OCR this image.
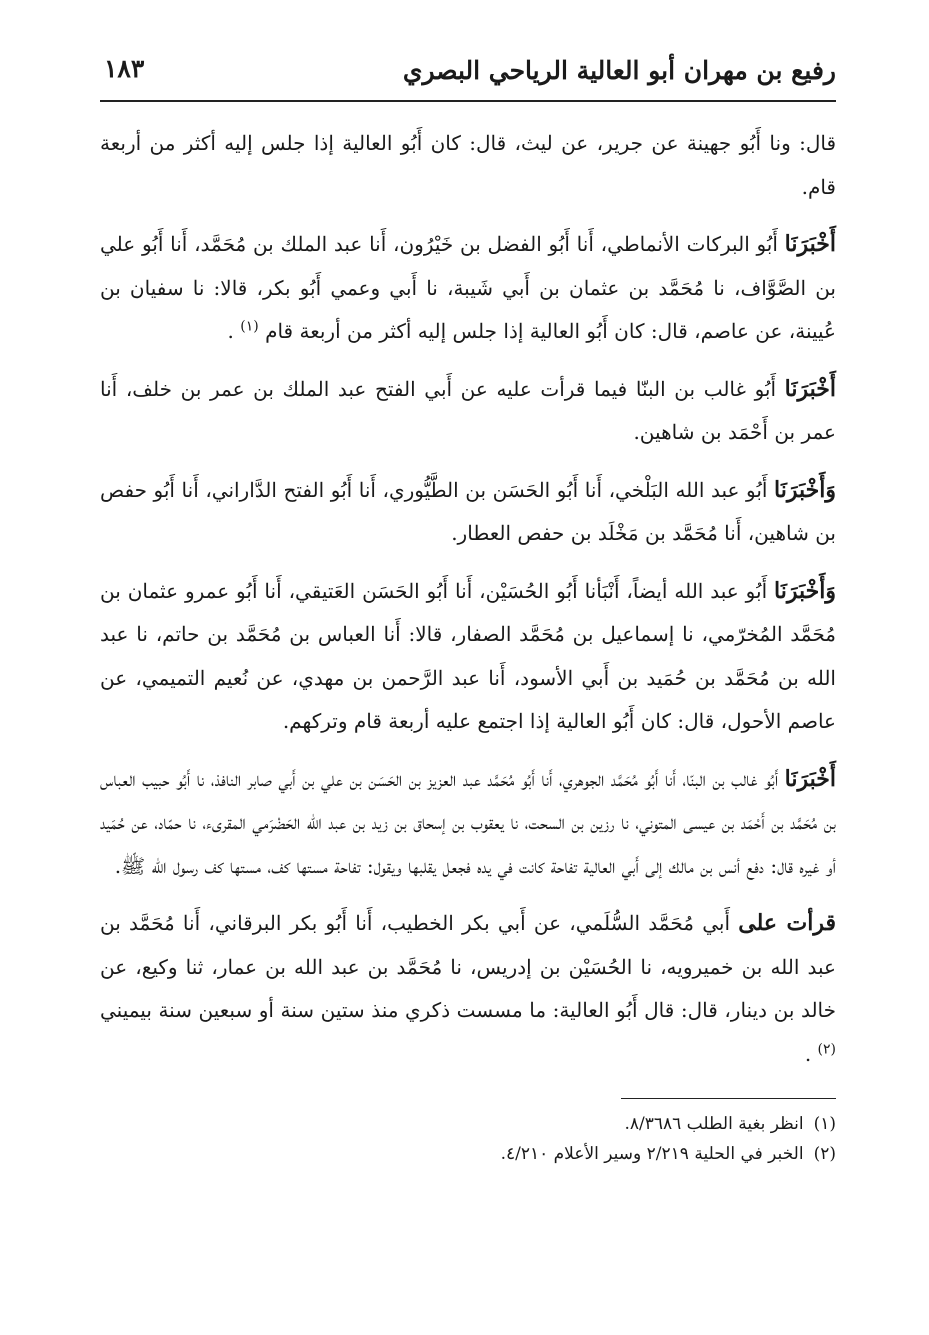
رفيع بن مهران أبو العالية الرياحي البصري
١٨٣

قال: ونا أَبُو جهينة عن جرير، عن ليث، قال: كان أَبُو العالية إذا جلس إليه أكثر من أربعة قام.

أَخْبَرَنَا أَبُو البركات الأنماطي، أَنا أَبُو الفضل بن خَيْرُون، أَنا عبد الملك بن مُحَمَّد، أَنا أَبُو علي بن الصَّوَّاف، نا مُحَمَّد بن عثمان بن أَبي شَيبة، نا أَبي وعمي أَبُو بكر، قالا: نا سفيان بن عُيينة، عن عاصم، قال: كان أَبُو العالية إذا جلس إليه أكثر من أربعة قام $^{(١)}$ .

أَخْبَرَنَا أَبُو غالب بن البنّا فيما قرأت عليه عن أَبي الفتح عبد الملك بن عمر بن خلف، أَنا عمر بن أَحْمَد بن شاهين.

وَأَخْبَرَنَا أَبُو عبد الله البَلْخي، أَنا أَبُو الحَسَن بن الطَّيُّوري، أَنا أَبُو الفتح الدَّاراني، أَنا أَبُو حفص بن شاهين، أَنا مُحَمَّد بن مَخْلَد بن حفص العطار.

وَأَخْبَرَنَا أَبُو عبد الله أيضاً، أَنْبَأنا أَبُو الحُسَيْن، أَنا أَبُو الحَسَن العَتيقي، أَنا أَبُو عمرو عثمان بن مُحَمَّد المُخرّمي، نا إسماعيل بن مُحَمَّد الصفار، قالا: أَنا العباس بن مُحَمَّد بن حاتم، نا عبد الله بن مُحَمَّد بن حُمَيد بن أَبي الأسود، أَنا عبد الرَّحمن بن مهدي، عن نُعيم التميمي، عن عاصم الأحول، قال: كان أَبُو العالية إذا اجتمع عليه أربعة قام وتركهم.

أَخْبَرَنَا أَبُو غالب بن البنّا، أَنا أَبُو مُحَمَّد الجوهري، أَنا أَبُو مُحَمَّد عبد العزيز بن الحَسَن بن علي بن أَبي صابر النافذ، نا أَبُو حبيب العباس بن مُحَمَّد بن أَحْمَد بن عيسى المتوني، نا رزين بن السحت، نا يعقوب بن إسحاق بن زيد بن عبد الله الحَضْرَمي المقرىء، نا حمّاد، عن حُمَيد أو غيره قال: دفع أنس بن مالك إلى أَبي العالية تفاحة كانت في يده فجعل يقلبها ويقول: تفاحة مستها كف، مستها كف رسول الله ﷺ.

قرأت على أَبي مُحَمَّد السُّلَمي، عن أَبي بكر الخطيب، أَنا أَبُو بكر البرقاني، أَنا مُحَمَّد بن عبد الله بن خميرويه، نا الحُسَيْن بن إدريس، نا مُحَمَّد بن عبد الله بن عمار، ثنا وكيع، عن خالد بن دينار، قال: قال أَبُو العالية: ما مسست ذكري منذ ستين سنة أو سبعين سنة بيميني $^{(٢)}$ .

(١)انظر بغية الطلب ٨/٣٦٨٦.

(٢)الخبر في الحلية ٢/٢١٩ وسير الأعلام ٤/٢١٠.
